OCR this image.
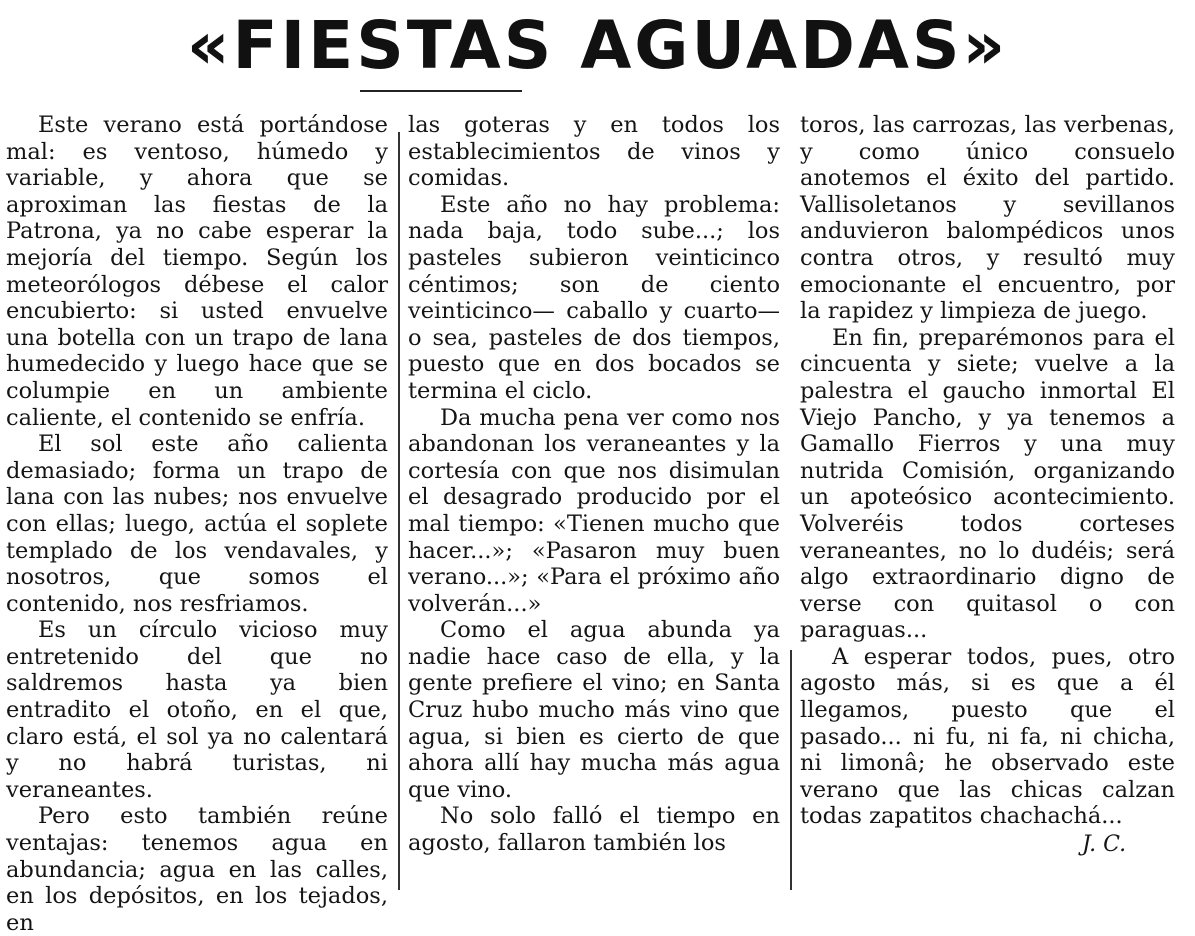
«FIESTAS AGUADAS»

Este verano está portándose mal: es ventoso, húmedo y variable, y ahora que se aproximan las fiestas de la Patrona, ya no cabe esperar la mejoría del tiempo. Según los meteorólogos débese el calor encubierto: si usted envuelve una botella con un trapo de lana humedecido y luego hace que se columpie en un ambiente caliente, el contenido se enfría.

El sol este año calienta demasiado; forma un trapo de lana con las nubes; nos envuelve con ellas; luego, actúa el soplete templado de los vendavales, y nosotros, que somos el contenido, nos resfriamos.

Es un círculo vicioso muy entretenido del que no saldremos hasta ya bien entradito el otoño, en el que, claro está, el sol ya no calentará y no habrá turistas, ni veraneantes.

Pero esto también reúne ventajas: tenemos agua en abundancia; agua en las calles, en los depósitos, en los tejados, en

las goteras y en todos los establecimientos de vinos y comidas.

Este año no hay problema: nada baja, todo sube...; los pasteles subieron veinticinco céntimos; son de ciento veinticinco— caballo y cuarto—o sea, pasteles de dos tiempos, puesto que en dos bocados se termina el ciclo.

Da mucha pena ver como nos abandonan los veraneantes y la cortesía con que nos disimulan el desagrado producido por el mal tiempo: «Tienen mucho que hacer...»; «Pasaron muy buen verano...»; «Para el próximo año volverán...»

Como el agua abunda ya nadie hace caso de ella, y la gente prefiere el vino; en Santa Cruz hubo mucho más vino que agua, si bien es cierto de que ahora allí hay mucha más agua que vino.

No solo falló el tiempo en agosto, fallaron también los

toros, las carrozas, las verbenas, y como único consuelo anotemos el éxito del partido. Vallisoletanos y sevillanos anduvieron balompédicos unos contra otros, y resultó muy emocionante el encuentro, por la rapidez y limpieza de juego.

En fin, preparémonos para el cincuenta y siete; vuelve a la palestra el gaucho inmortal El Viejo Pancho, y ya tenemos a Gamallo Fierros y una muy nutrida Comisión, organizando un apoteósico acontecimiento. Volveréis todos corteses veraneantes, no lo dudéis; será algo extraordinario digno de verse con quitasol o con paraguas...

A esperar todos, pues, otro agosto más, si es que a él llegamos, puesto que el pasado... ni fu, ni fa, ni chicha, ni limonâ; he observado este verano que las chicas calzan todas zapatitos chachachá...

J. C.
